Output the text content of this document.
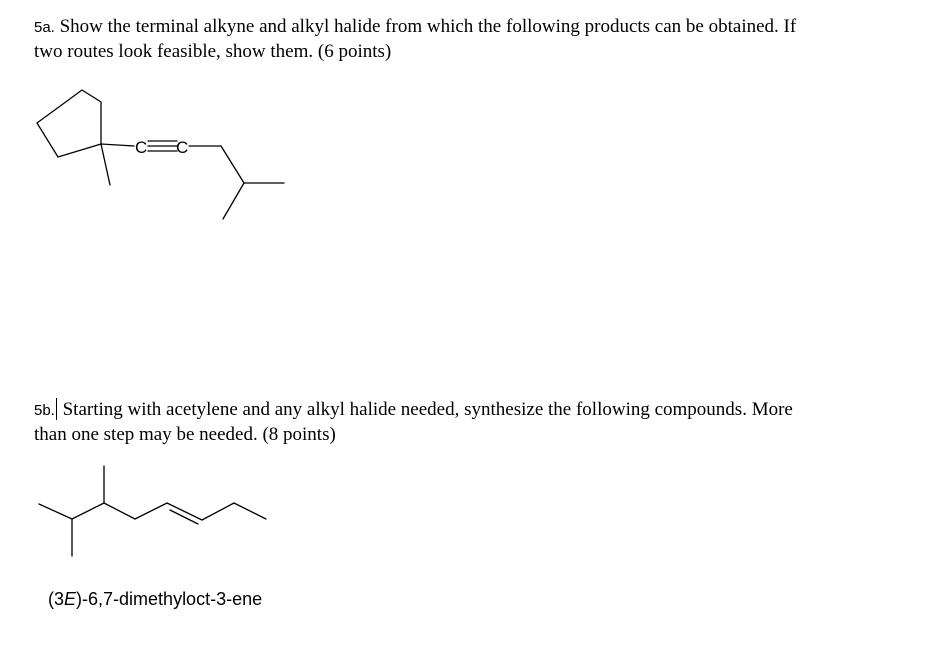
5a. Show the terminal alkyne and alkyl halide from which the following products can be obtained. If
two routes look feasible, show them. (6 points)
C C
5b. Starting with acetylene and any alkyl halide needed, synthesize the following compounds. More
than one step may be needed. (8 points)
(3E)-6,7-dimethyloct-3-ene
